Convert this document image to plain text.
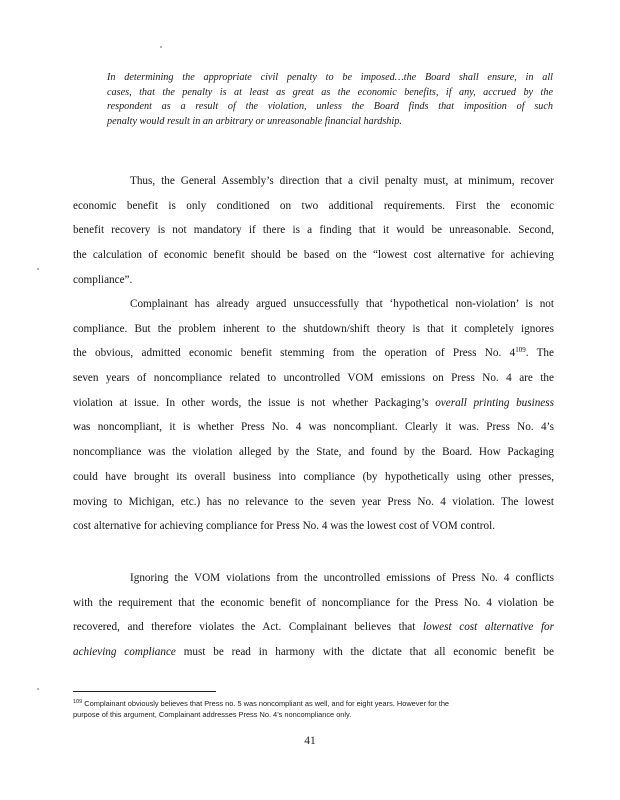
In determining the appropriate civil penalty to be imposed…the Board shall ensure, in all
cases, that the penalty is at least as great as the economic benefits, if any, accrued by the
respondent as a result of the violation, unless the Board finds that imposition of such
penalty would result in an arbitrary or unreasonable financial hardship.
Thus, the General Assembly’s direction that a civil penalty must, at minimum, recover
economic benefit is only conditioned on two additional requirements. First the economic
benefit recovery is not mandatory if there is a finding that it would be unreasonable. Second,
the calculation of economic benefit should be based on the “lowest cost alternative for achieving
compliance”.
Complainant has already argued unsuccessfully that ‘hypothetical non-violation’ is not
compliance. But the problem inherent to the shutdown/shift theory is that it completely ignores
the obvious, admitted economic benefit stemming from the operation of Press No. $4^{109}$. The
seven years of noncompliance related to uncontrolled VOM emissions on Press No. 4 are the
violation at issue. In other words, the issue is not whether Packaging’s overall printing business
was noncompliant, it is whether Press No. 4 was noncompliant. Clearly it was. Press No. 4’s
noncompliance was the violation alleged by the State, and found by the Board. How Packaging
could have brought its overall business into compliance (by hypothetically using other presses,
moving to Michigan, etc.) has no relevance to the seven year Press No. 4 violation. The lowest
cost alternative for achieving compliance for Press No. 4 was the lowest cost of VOM control.
Ignoring the VOM violations from the uncontrolled emissions of Press No. 4 conflicts
with the requirement that the economic benefit of noncompliance for the Press No. 4 violation be
recovered, and therefore violates the Act. Complainant believes that lowest cost alternative for
achieving compliance must be read in harmony with the dictate that all economic benefit be
$^{109}$ Complainant obviously believes that Press no. 5 was noncompliant as well, and for eight years. However for the
purpose of this argument, Complainant addresses Press No. 4’s noncompliance only.
41
